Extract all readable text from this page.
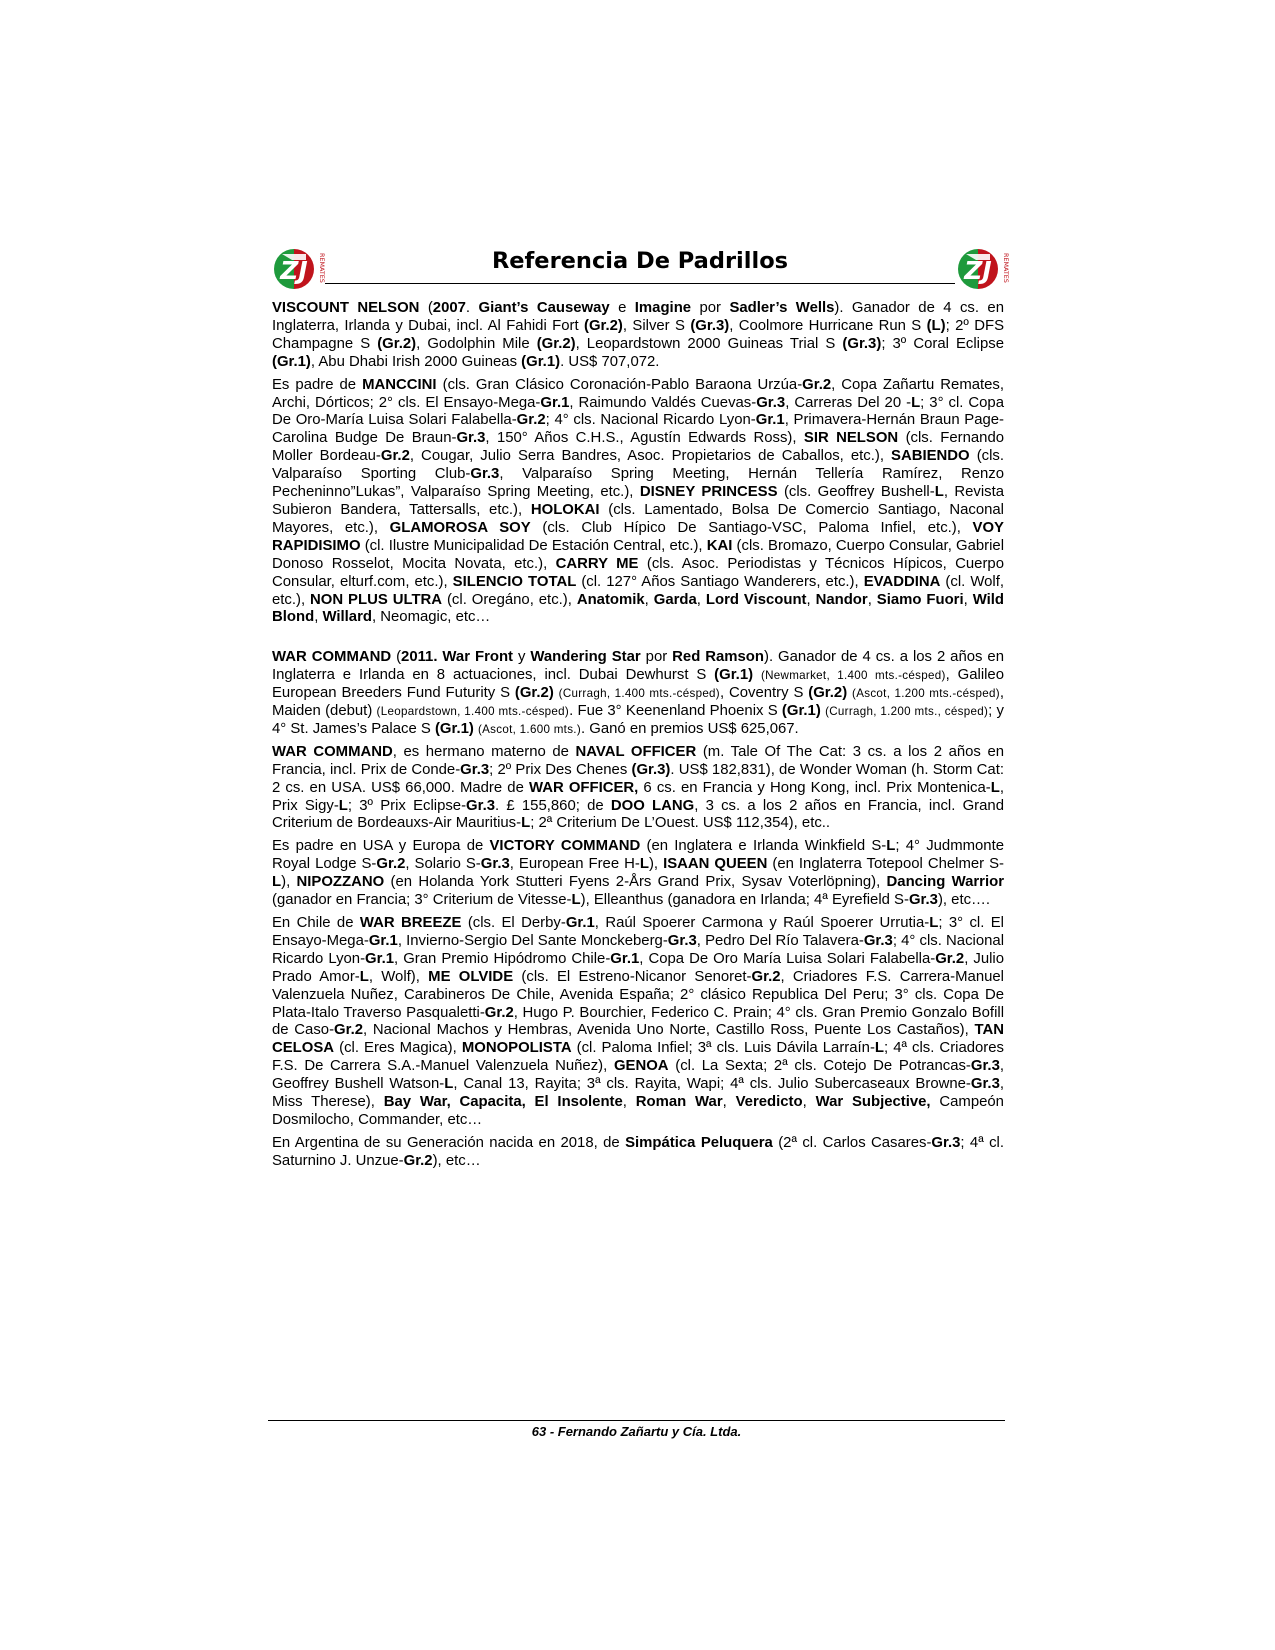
ZJ REMATES	Referencia De Padrillos	ZJ REMATES

VISCOUNT NELSON (2007. Giant’s Causeway e Imagine por Sadler’s Wells). Ganador de 4 cs. en Inglaterra, Irlanda y Dubai, incl. Al Fahidi Fort (Gr.2), Silver S (Gr.3), Coolmore Hurricane Run S (L); 2º DFS Champagne S (Gr.2), Godolphin Mile (Gr.2), Leopardstown 2000 Guineas Trial S (Gr.3); 3º Coral Eclipse (Gr.1), Abu Dhabi Irish 2000 Guineas (Gr.1). US$ 707,072.

Es padre de MANCCINI (cls. Gran Clásico Coronación-Pablo Baraona Urzúa-Gr.2, Copa Zañartu Remates, Archi, Dórticos; 2° cls. El Ensayo-Mega-Gr.1, Raimundo Valdés Cuevas-Gr.3, Carreras Del 20 -L; 3° cl. Copa De Oro-María Luisa Solari Falabella-Gr.2; 4° cls. Nacional Ricardo Lyon-Gr.1, Primavera-Hernán Braun Page-Carolina Budge De Braun-Gr.3, 150° Años C.H.S., Agustín Edwards Ross), SIR NELSON (cls. Fernando Moller Bordeau-Gr.2, Cougar, Julio Serra Bandres, Asoc. Propietarios de Caballos, etc.), SABIENDO (cls. Valparaíso Sporting Club-Gr.3, Valparaíso Spring Meeting, Hernán Tellería Ramírez, Renzo Pecheninno”Lukas”, Valparaíso Spring Meeting, etc.), DISNEY PRINCESS (cls. Geoffrey Bushell-L, Revista Subieron Bandera, Tattersalls, etc.), HOLOKAI (cls. Lamentado, Bolsa De Comercio Santiago, Naconal Mayores, etc.), GLAMOROSA SOY (cls. Club Hípico De Santiago-VSC, Paloma Infiel, etc.), VOY RAPIDISIMO (cl. Ilustre Municipalidad De Estación Central, etc.), KAI (cls. Bromazo, Cuerpo Consular, Gabriel Donoso Rosselot, Mocita Novata, etc.), CARRY ME (cls. Asoc. Periodistas y Técnicos Hípicos, Cuerpo Consular, elturf.com, etc.), SILENCIO TOTAL (cl. 127° Años Santiago Wanderers, etc.), EVADDINA (cl. Wolf, etc.), NON PLUS ULTRA (cl. Oregáno, etc.), Anatomik, Garda, Lord Viscount, Nandor, Siamo Fuori, Wild Blond, Willard, Neomagic, etc…

WAR COMMAND (2011. War Front y Wandering Star por Red Ramson). Ganador de 4 cs. a los 2 años en Inglaterra e Irlanda en 8 actuaciones, incl. Dubai Dewhurst S (Gr.1) (Newmarket, 1.400 mts.-césped), Galileo European Breeders Fund Futurity S (Gr.2) (Curragh, 1.400 mts.-césped), Coventry S (Gr.2) (Ascot, 1.200 mts.-césped), Maiden (debut) (Leopardstown, 1.400 mts.-césped). Fue 3° Keenenland Phoenix S (Gr.1) (Curragh, 1.200 mts., césped); y 4° St. James’s Palace S (Gr.1) (Ascot, 1.600 mts.). Ganó en premios US$ 625,067.

WAR COMMAND, es hermano materno de NAVAL OFFICER (m. Tale Of The Cat: 3 cs. a los 2 años en Francia, incl. Prix de Conde-Gr.3; 2º Prix Des Chenes (Gr.3). US$ 182,831), de Wonder Woman (h. Storm Cat: 2 cs. en USA. US$ 66,000. Madre de WAR OFFICER, 6 cs. en Francia y Hong Kong, incl. Prix Montenica-L, Prix Sigy-L; 3º Prix Eclipse-Gr.3. £ 155,860; de DOO LANG, 3 cs. a los 2 años en Francia, incl. Grand Criterium de Bordeauxs-Air Mauritius-L; 2ª Criterium De L’Ouest. US$ 112,354), etc..

Es padre en USA y Europa de VICTORY COMMAND (en Inglatera e Irlanda Winkfield S-L; 4° Judmmonte Royal Lodge S-Gr.2, Solario S-Gr.3, European Free H-L), ISAAN QUEEN (en Inglaterra Totepool Chelmer S-L), NIPOZZANO (en Holanda York Stutteri Fyens 2-Års Grand Prix, Sysav Voterlöpning), Dancing Warrior (ganador en Francia; 3° Criterium de Vitesse-L), Elleanthus (ganadora en Irlanda; 4ª Eyrefield S-Gr.3), etc….

En Chile de WAR BREEZE (cls. El Derby-Gr.1, Raúl Spoerer Carmona y Raúl Spoerer Urrutia-L; 3° cl. El Ensayo-Mega-Gr.1, Invierno-Sergio Del Sante Monckeberg-Gr.3, Pedro Del Río Talavera-Gr.3; 4° cls. Nacional Ricardo Lyon-Gr.1, Gran Premio Hipódromo Chile-Gr.1, Copa De Oro María Luisa Solari Falabella-Gr.2, Julio Prado Amor-L, Wolf), ME OLVIDE (cls. El Estreno-Nicanor Senoret-Gr.2, Criadores F.S. Carrera-Manuel Valenzuela Nuñez, Carabineros De Chile, Avenida España; 2° clásico Republica Del Peru; 3° cls. Copa De Plata-Italo Traverso Pasqualetti-Gr.2, Hugo P. Bourchier, Federico C. Prain; 4° cls. Gran Premio Gonzalo Bofill de Caso-Gr.2, Nacional Machos y Hembras, Avenida Uno Norte, Castillo Ross, Puente Los Castaños), TAN CELOSA (cl. Eres Magica), MONOPOLISTA (cl. Paloma Infiel; 3ª cls. Luis Dávila Larraín-L; 4ª cls. Criadores F.S. De Carrera S.A.-Manuel Valenzuela Nuñez), GENOA (cl. La Sexta; 2ª cls. Cotejo De Potrancas-Gr.3, Geoffrey Bushell Watson-L, Canal 13, Rayita; 3ª cls. Rayita, Wapi; 4ª cls. Julio Subercaseaux Browne-Gr.3, Miss Therese), Bay War, Capacita, El Insolente, Roman War, Veredicto, War Subjective, Campeón Dosmilocho, Commander, etc…

En Argentina de su Generación nacida en 2018, de Simpática Peluquera (2ª cl. Carlos Casares-Gr.3; 4ª cl. Saturnino J. Unzue-Gr.2), etc…

63 - Fernando Zañartu y Cía. Ltda.
